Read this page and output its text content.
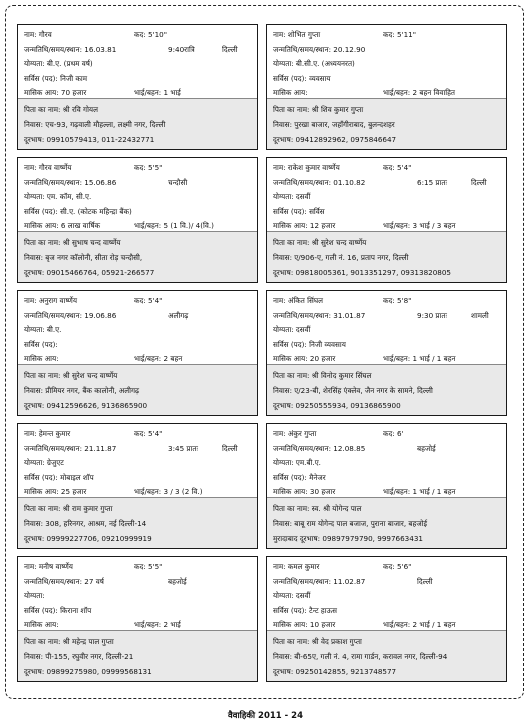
नाम: गौरव	कद: 5'10"
जन्मतिथि/समय/स्थान: 16.03.81	9:40रात्रि	दिल्ली
योग्यता: बी.ए. (प्रथम वर्ष)
सर्विस (पद): निजी काम
मासिक आय: 70 हजार	भाई/बहन: 1 भाई
पिता का नाम: श्री रवि गोयल
निवास: एच-93, गढ़वाली मौहल्ला, लक्ष्मी नगर, दिल्ली
दूरभाष: 09910579413, 011-22432771
नाम: शोभित गुप्ता	कद: 5'11"
जन्मतिथि/समय/स्थान: 20.12.90
योग्यता: बी.सी.ए. (अध्ययनरत)
सर्विस (पद): व्यवसाय
मासिक आय:	भाई/बहन: 2 बहन विवाहित
पिता का नाम: श्री शिव कुमार गुप्ता
निवास: पुरखा बाजार, जहाँगीराबाद, बुलन्दशहर
दूरभाष: 09412892962, 0975846647
नाम: गौरव वार्ष्णेय	कद: 5'5"
जन्मतिथि/समय/स्थान: 15.06.86	चन्दौसी
योग्यता: एम. कॉम, सी.ए.
सर्विस (पद): सी.ए. (कोटक महिन्द्रा बैंक)
मासिक आय: 6 लाख वार्षिक	भाई/बहन: 5 (1 वि.)/ 4(वि.)
पिता का नाम: श्री सुभाष चन्द वार्ष्णेय
निवास: बृज नगर कॉलोनी, सीता रोड़ चन्दौसी,
दूरभाष: 09015466764, 05921-266577
नाम: राकेश कुमार वार्ष्णेय	कद: 5'4"
जन्मतिथि/समय/स्थान: 01.10.82	6:15 प्रातः	दिल्ली
योग्यता: दसवीं
सर्विस (पद): सर्विस
मासिक आय: 12 हजार	भाई/बहन: 3 भाई / 3 बहन
पिता का नाम: श्री सुरेश चन्द वार्ष्णेय
निवास: ए/906-ए, गली नं. 16, प्रताप नगर, दिल्ली
दूरभाष: 09818005361, 9013351297, 09313820805
नाम: अनुराग वार्ष्णेय	कद: 5'4"
जन्मतिथि/समय/स्थान: 19.06.86	अलीगढ़
योग्यता: बी.ए.
सर्विस (पद):
मासिक आय:	भाई/बहन: 2 बहन
पिता का नाम: श्री सुरेश चन्द वार्ष्णेय
निवास: प्रीमियर नगर, बैंक कालोनी, अलीगढ़
दूरभाष: 09412596626, 9136865900
नाम: अंकित सिंघल	कद: 5'8"
जन्मतिथि/समय/स्थान: 31.01.87	9:30 प्रातः	शामली
योग्यता: दसवीं
सर्विस (पद): निजी व्यवसाय
मासिक आय: 20 हजार	भाई/बहन: 1 भाई / 1 बहन
पिता का नाम: श्री विनोद कुमार सिंघल
निवास: ए/23-बी, शेरसिंह एंक्लेव, जैन नगर के सामने, दिल्ली
दूरभाष: 09250555934, 09136865900
नाम: हेमन्त कुमार	कद: 5'4"
जन्मतिथि/समय/स्थान: 21.11.87	3:45 प्रातः	दिल्ली
योग्यता: ग्रेजुएट
सर्विस (पद): मोबाइल शॉप
मासिक आय: 25 हजार	भाई/बहन: 3 / 3 (2 वि.)
पिता का नाम: श्री राम कुमार गुप्ता
निवास: 308, हरिनगर, आश्रम, नई दिल्ली-14
दूरभाष: 09999227706, 09210999919
नाम: अंकुर गुप्ता	कद: 6'
जन्मतिथि/समय/स्थान: 12.08.85	बहजोई
योग्यता: एम.बी.ए.
सर्विस (पद): मैनेजर
मासिक आय: 30 हजार	भाई/बहन: 1 भाई / 1 बहन
पिता का नाम: स्व. श्री योगेन्द पाल
निवास: बाबू राम योगेन्द पाल बजाज, पुराना बाजार, बहजोई
मुरादाबाद दूरभाष: 09897979790, 9997663431
नाम: मनीष वार्ष्णेय	कद: 5'5"
जन्मतिथि/समय/स्थान: 27 वर्ष	बहजोई
योग्यता:
सर्विस (पद): किराना शॉप
मासिक आय:	भाई/बहन: 2 भाई
पिता का नाम: श्री महेन्द्र पाल गुप्ता
निवास: पी-155, रघुवीर नगर, दिल्ली-21
दूरभाष: 09899275980, 09999568131
नाम: कमल कुमार	कद: 5'6"
जन्मतिथि/समय/स्थान: 11.02.87	दिल्ली
योग्यता: दसवीं
सर्विस (पद): टैन्ट हाऊस
मासिक आय: 10 हजार	भाई/बहन: 2 भाई / 1 बहन
पिता का नाम: श्री वेद प्रकाश गुप्ता
निवास: बी-65ए, गली नं. 4, रामा गार्डन, करावल नगर, दिल्ली-94
दूरभाष: 09250142855, 9213748577
वैवाहिकी 2011 - 24
